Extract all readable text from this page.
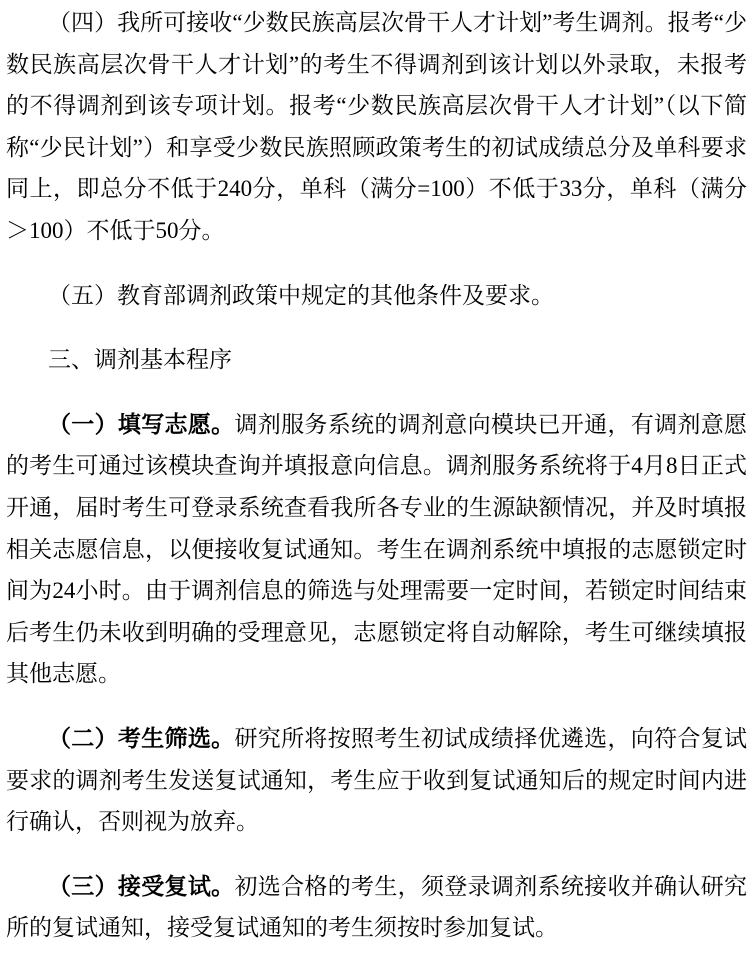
（四）我所可接收“少数民族高层次骨干人才计划”考生调剂。报考“少数民族高层次骨干人才计划”的考生不得调剂到该计划以外录取，未报考的不得调剂到该专项计划。报考“少数民族高层次骨干人才计划”（以下简称“少民计划”）和享受少数民族照顾政策考生的初试成绩总分及单科要求同上，即总分不低于240分，单科（满分=100）不低于33分，单科（满分＞100）不低于50分。

（五）教育部调剂政策中规定的其他条件及要求。

三、调剂基本程序

（一）填写志愿。调剂服务系统的调剂意向模块已开通，有调剂意愿的考生可通过该模块查询并填报意向信息。调剂服务系统将于4月8日正式开通，届时考生可登录系统查看我所各专业的生源缺额情况，并及时填报相关志愿信息，以便接收复试通知。考生在调剂系统中填报的志愿锁定时间为24小时。由于调剂信息的筛选与处理需要一定时间，若锁定时间结束后考生仍未收到明确的受理意见，志愿锁定将自动解除，考生可继续填报其他志愿。

（二）考生筛选。研究所将按照考生初试成绩择优遴选，向符合复试要求的调剂考生发送复试通知，考生应于收到复试通知后的规定时间内进行确认，否则视为放弃。

（三）接受复试。初选合格的考生，须登录调剂系统接收并确认研究所的复试通知，接受复试通知的考生须按时参加复试。
